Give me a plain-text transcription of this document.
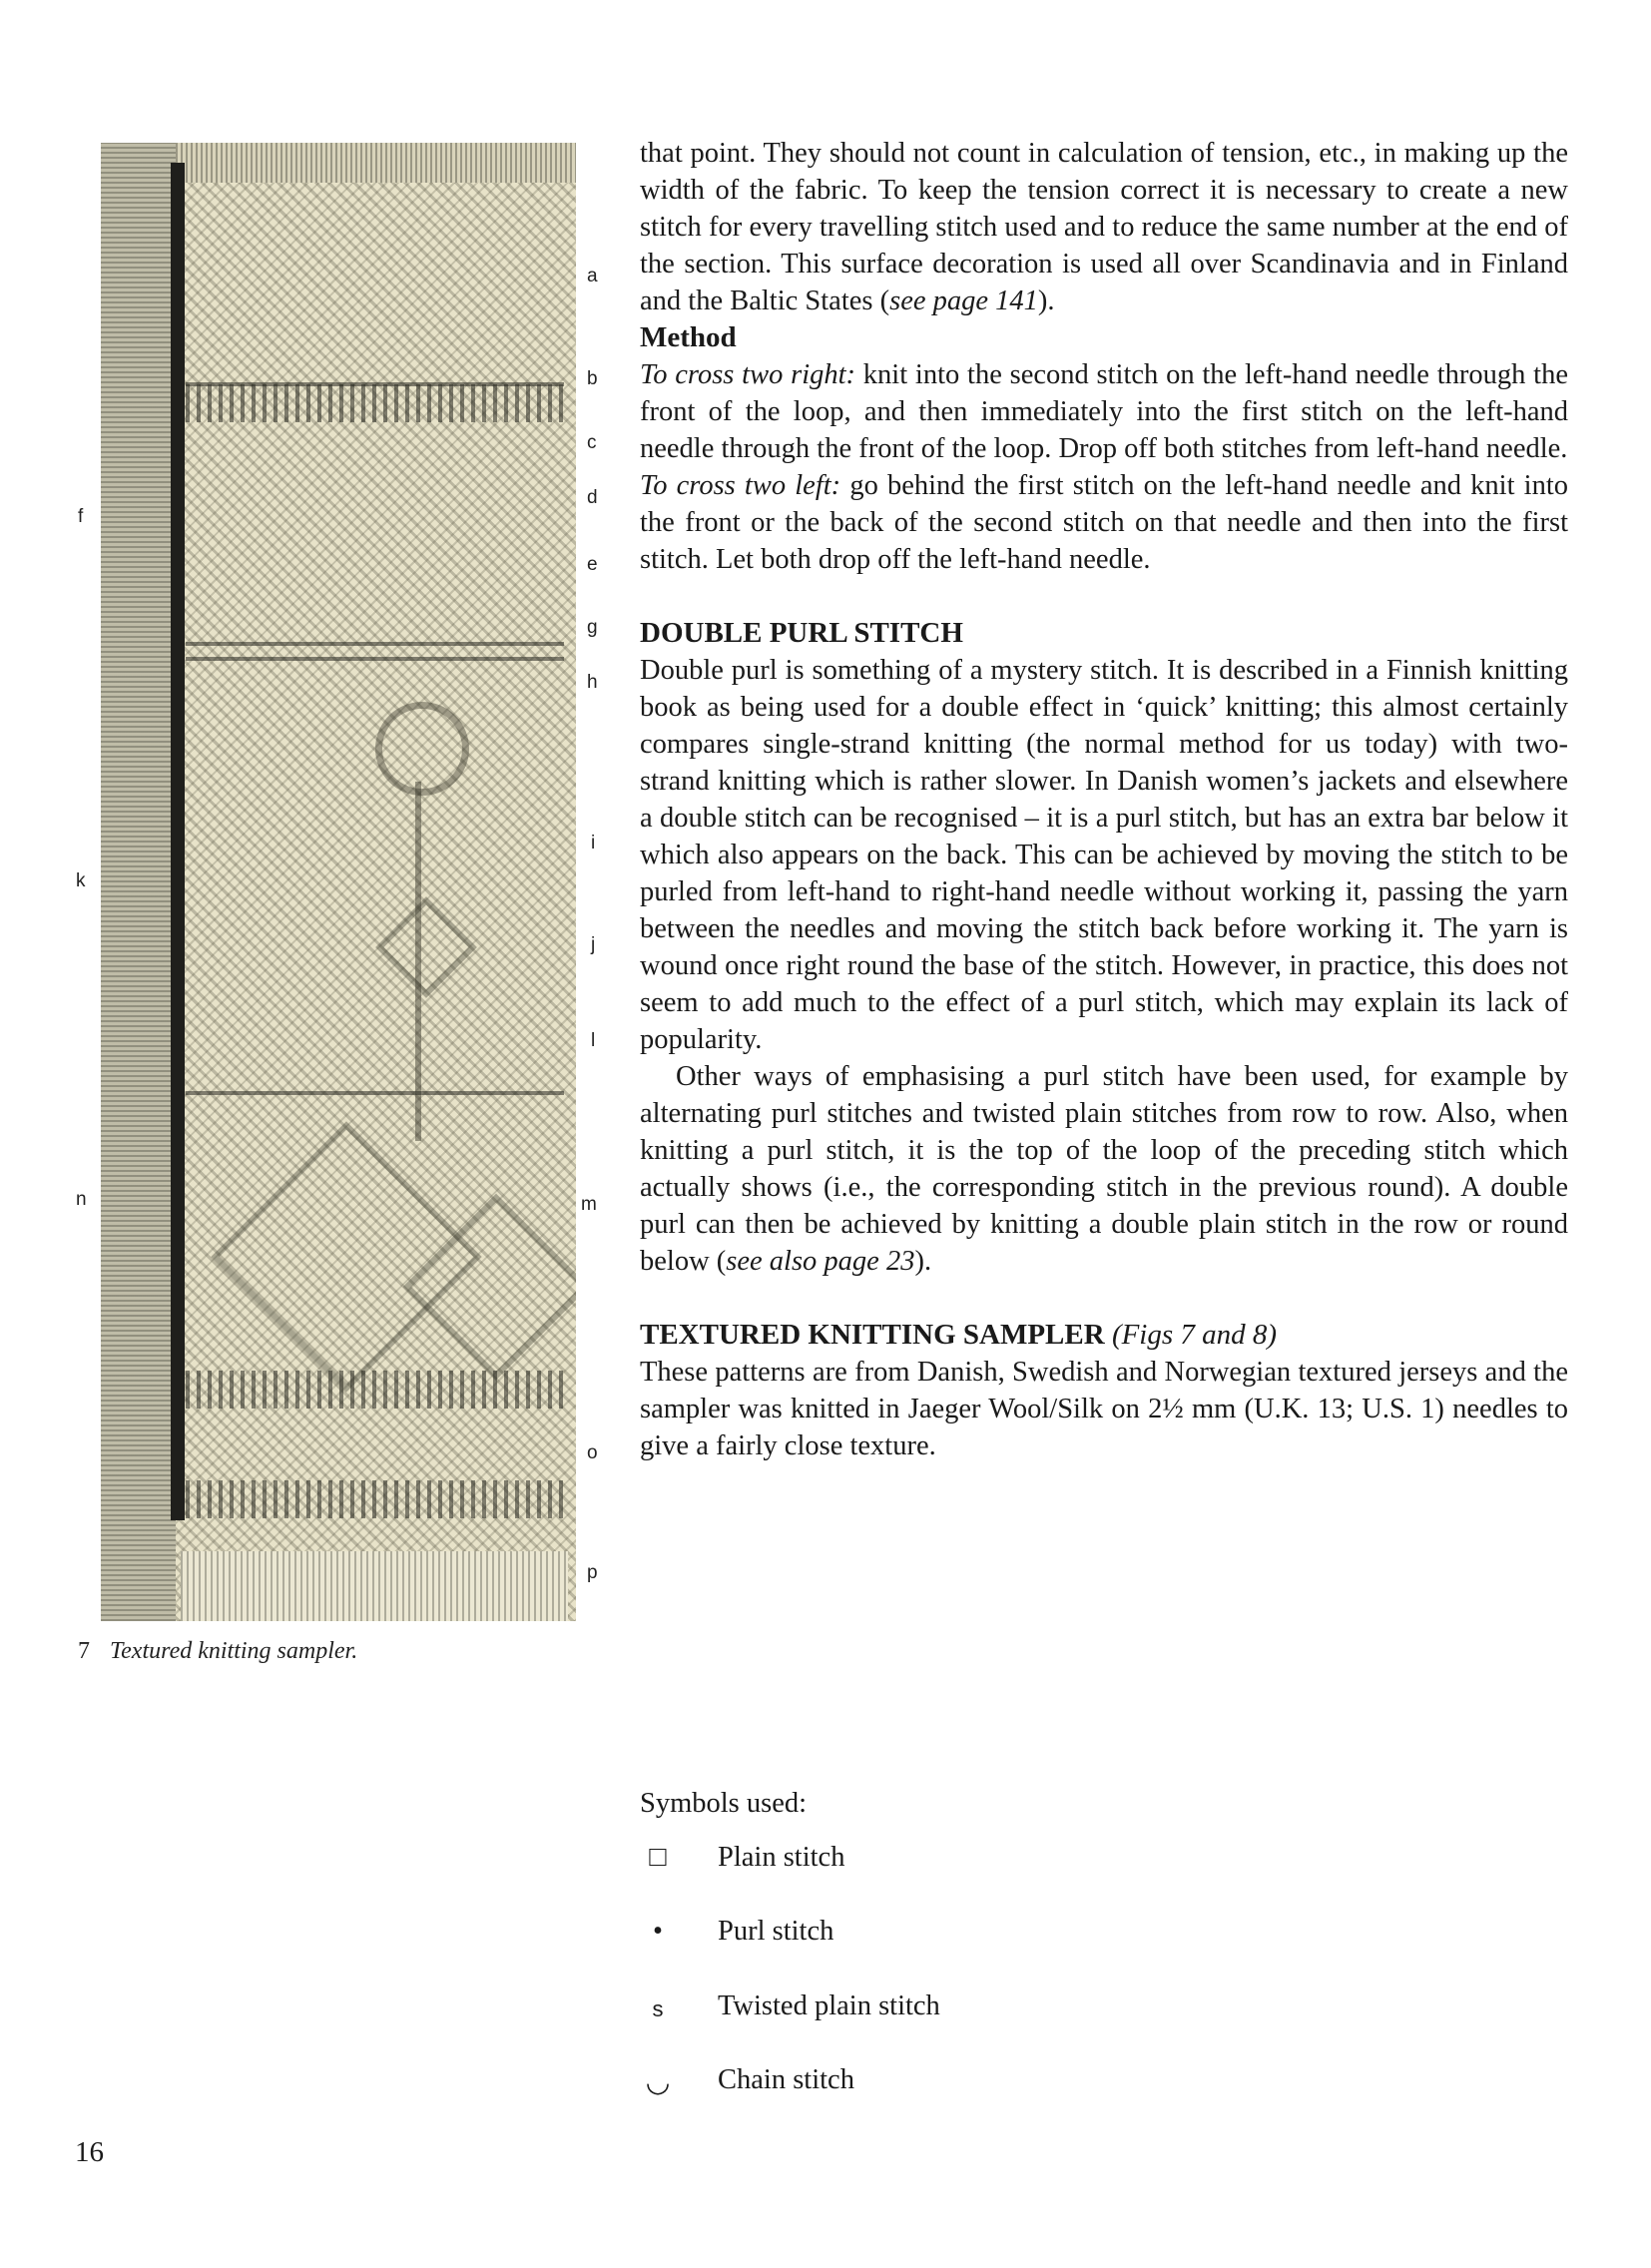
a
b
c
d
e
g
h
i
j
l
m
o
p
f
k
n
7 Textured knitting sampler.

that point. They should not count in calculation of tension, etc., in making up the width of the fabric. To keep the tension correct it is necessary to create a new stitch for every travelling stitch used and to reduce the same number at the end of the section. This surface decoration is used all over Scandinavia and in Finland and the Baltic States (see page 141).

Method

To cross two right: knit into the second stitch on the left-hand needle through the front of the loop, and then immediately into the first stitch on the left-hand needle through the front of the loop. Drop off both stitches from left-hand needle.

To cross two left: go behind the first stitch on the left-hand needle and knit into the front or the back of the second stitch on that needle and then into the first stitch. Let both drop off the left-hand needle.

DOUBLE PURL STITCH

Double purl is something of a mystery stitch. It is described in a Finnish knitting book as being used for a double effect in ‘quick’ knitting; this almost certainly compares single-strand knitting (the normal method for us today) with two-strand knitting which is rather slower. In Danish women’s jackets and elsewhere a double stitch can be recognised – it is a purl stitch, but has an extra bar below it which also appears on the back. This can be achieved by moving the stitch to be purled from left-hand to right-hand needle without working it, passing the yarn between the needles and moving the stitch back before working it. The yarn is wound once right round the base of the stitch. However, in practice, this does not seem to add much to the effect of a purl stitch, which may explain its lack of popularity.

Other ways of emphasising a purl stitch have been used, for example by alternating purl stitches and twisted plain stitches from row to row. Also, when knitting a purl stitch, it is the top of the loop of the preceding stitch which actually shows (i.e., the corresponding stitch in the previous round). A double purl can then be achieved by knitting a double plain stitch in the row or round below (see also page 23).

TEXTURED KNITTING SAMPLER (Figs 7 and 8)

These patterns are from Danish, Swedish and Norwegian textured jerseys and the sampler was knitted in Jaeger Wool/Silk on 2½ mm (U.K. 13; U.S. 1) needles to give a fairly close texture.

Symbols used:
□	Plain stitch
•	Purl stitch
s	Twisted plain stitch
◡ Chain stitch
16
